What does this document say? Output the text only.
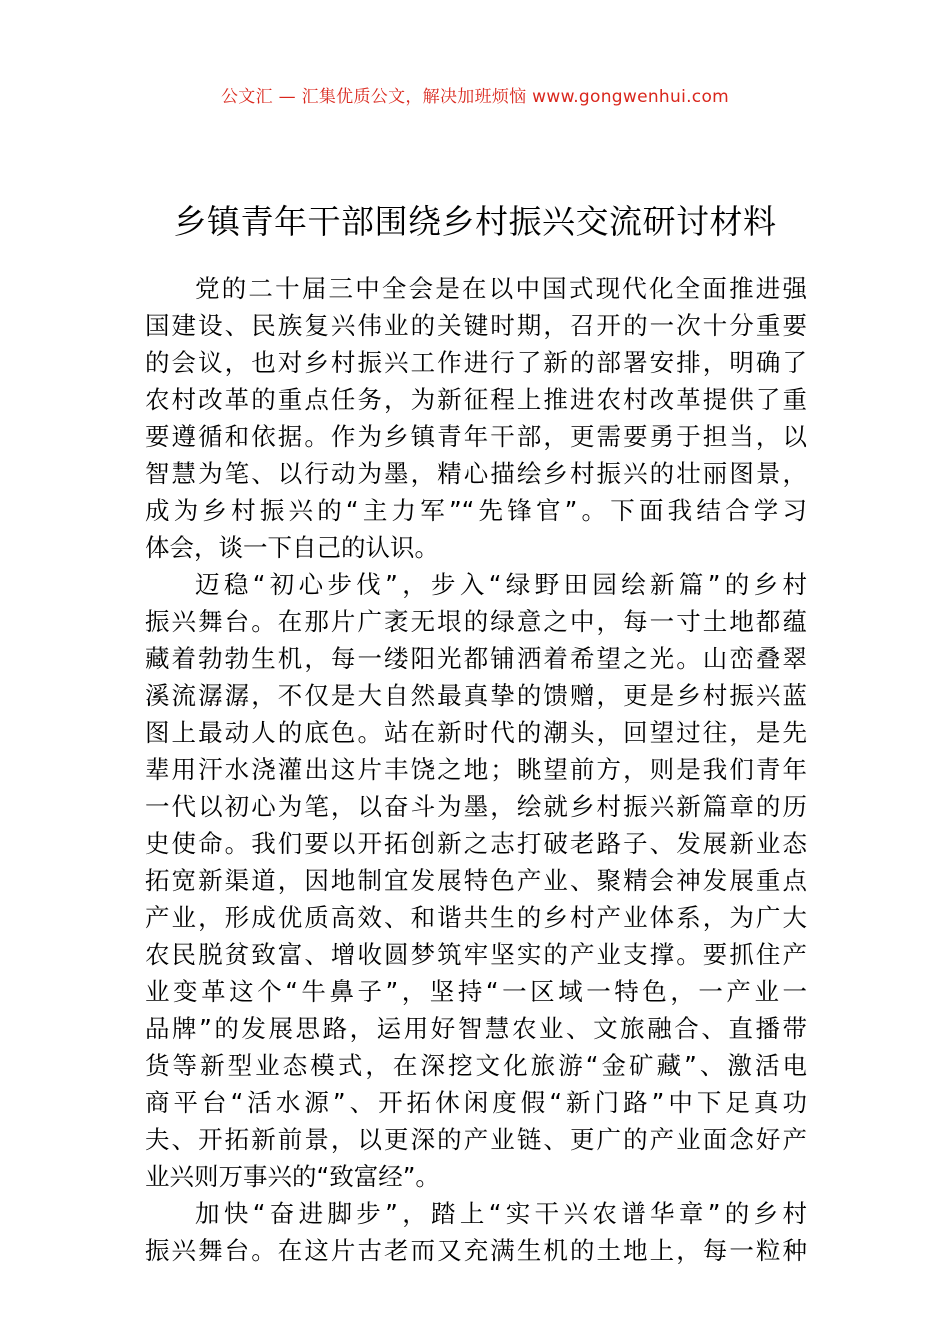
公文汇 — 汇集优质公文，解决加班烦恼 www.gongwenhui.com
乡镇青年干部围绕乡村振兴交流研讨材料
党的二十届三中全会是在以中国式现代化全面推进强
国建设、民族复兴伟业的关键时期，召开的一次十分重要
的会议，也对乡村振兴工作进行了新的部署安排，明确了
农村改革的重点任务，为新征程上推进农村改革提供了重
要遵循和依据。作为乡镇青年干部，更需要勇于担当，以
智慧为笔、以行动为墨，精心描绘乡村振兴的壮丽图景，
成为乡村振兴的“主力军”“先锋官”。下面我结合学习
体会，谈一下自己的认识。
迈稳“初心步伐”，步入“绿野田园绘新篇”的乡村
振兴舞台。在那片广袤无垠的绿意之中，每一寸土地都蕴
藏着勃勃生机，每一缕阳光都铺洒着希望之光。山峦叠翠
溪流潺潺，不仅是大自然最真挚的馈赠，更是乡村振兴蓝
图上最动人的底色。站在新时代的潮头，回望过往，是先
辈用汗水浇灌出这片丰饶之地；眺望前方，则是我们青年
一代以初心为笔，以奋斗为墨，绘就乡村振兴新篇章的历
史使命。我们要以开拓创新之志打破老路子、发展新业态
拓宽新渠道，因地制宜发展特色产业、聚精会神发展重点
产业，形成优质高效、和谐共生的乡村产业体系，为广大
农民脱贫致富、增收圆梦筑牢坚实的产业支撑。要抓住产
业变革这个“牛鼻子”，坚持“一区域一特色，一产业一
品牌”的发展思路，运用好智慧农业、文旅融合、直播带
货等新型业态模式，在深挖文化旅游“金矿藏”、激活电
商平台“活水源”、开拓休闲度假“新门路”中下足真功
夫、开拓新前景，以更深的产业链、更广的产业面念好产
业兴则万事兴的“致富经”。
加快“奋进脚步”，踏上“实干兴农谱华章”的乡村
振兴舞台。在这片古老而又充满生机的土地上，每一粒种
